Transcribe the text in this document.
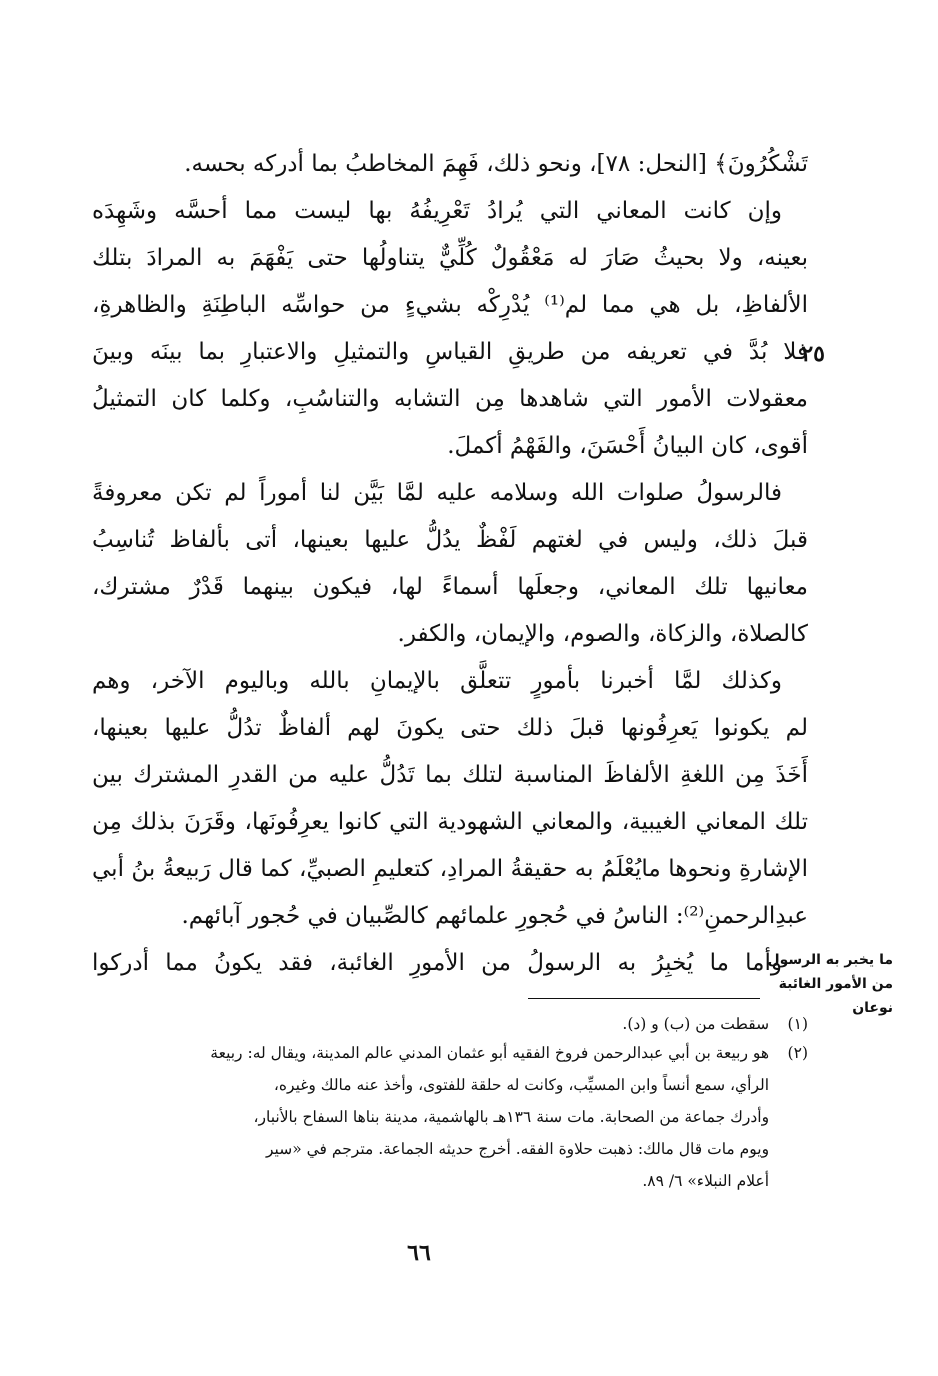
تَشْكُرُونَ﴾ [النحل: ٧٨]، ونحو ذلك، فَهِمَ المخاطبُ بما أدركه بحسه.
وإن كانت المعاني التي يُرادُ تَعْرِيفُهُ بها ليست مما أحسَّه وشَهِدَه
بعينه، ولا بحيثُ صَارَ له مَعْقُولٌ كُلِّيٌّ يتناولُها حتى يَفْهَمَ به المرادَ بتلك
الألفاظِ، بل هي مما لم⁽¹⁾ يُدْرِكْه بشيءٍ من حواسِّه الباطِنَةِ والظاهرةِ،
فلا بُدَّ في تعريفه من طريقِ القياسِ والتمثيلِ والاعتبارِ بما بينَه وبينَ
معقولات الأمور التي شاهدها مِن التشابه والتناسُبِ، وكلما كان التمثيلُ
أقوى، كان البيانُ أَحْسَنَ، والفَهْمُ أكملَ.
فالرسولُ صلوات الله وسلامه عليه لمَّا بَيَّن لنا أموراً لم تكن معروفةً
قبلَ ذلك، وليس في لغتهم لَفْظٌ يدُلُّ عليها بعينها، أتى بألفاظ تُناسِبُ
معانيها تلك المعاني، وجعلَها أسماءً لها، فيكون بينهما قَدْرٌ مشترك،
كالصلاة، والزكاة، والصوم، والإيمان، والكفر.
وكذلك لمَّا أخبرنا بأمورٍ تتعلَّق بالإيمانِ بالله وباليوم الآخر، وهم
لم يكونوا يَعرِفُونها قبلَ ذلك حتى يكونَ لهم ألفاظٌ تدُلُّ عليها بعينها،
أَخَذَ مِن اللغةِ الألفاظَ المناسبة لتلك بما تَدُلُّ عليه من القدرِ المشترك بين
تلك المعاني الغيبية، والمعاني الشهودية التي كانوا يعرِفُونَها، وقَرَنَ بذلك مِن
الإشارةِ ونحوها مايُعْلَمُ به حقيقةُ المرادِ، كتعليمِ الصبيِّ، كما قال رَبيعةُ بنُ أبي
عبدِالرحمنِ⁽²⁾: الناسُ في حُجورِ علمائهم كالصِّبيان في حُجور آبائهم.
وأما ما يُخبِرُ به الرسولُ من الأمورِ الغائبة، فقد يكونُ مما أدركوا
٢٥
ما يخبر به الرسول
من الأمور الغائبة
نوعان
(١) سقطت من (ب) و (د).
(٢) هو ربيعة بن أبي عبدالرحمن فروخ الفقيه أبو عثمان المدني عالم المدينة، ويقال له: ربيعة
الرأي، سمع أنساً وابن المسيِّب، وكانت له حلقة للفتوى، وأخذ عنه مالك وغيره،
وأدرك جماعة من الصحابة. مات سنة ١٣٦هـ بالهاشمية، مدينة بناها السفاح بالأنبار،
ويوم مات قال مالك: ذهبت حلاوة الفقه. أخرج حديثه الجماعة. مترجم في «سير
أعلام النبلاء» ٦/ ٨٩.
٦٦
